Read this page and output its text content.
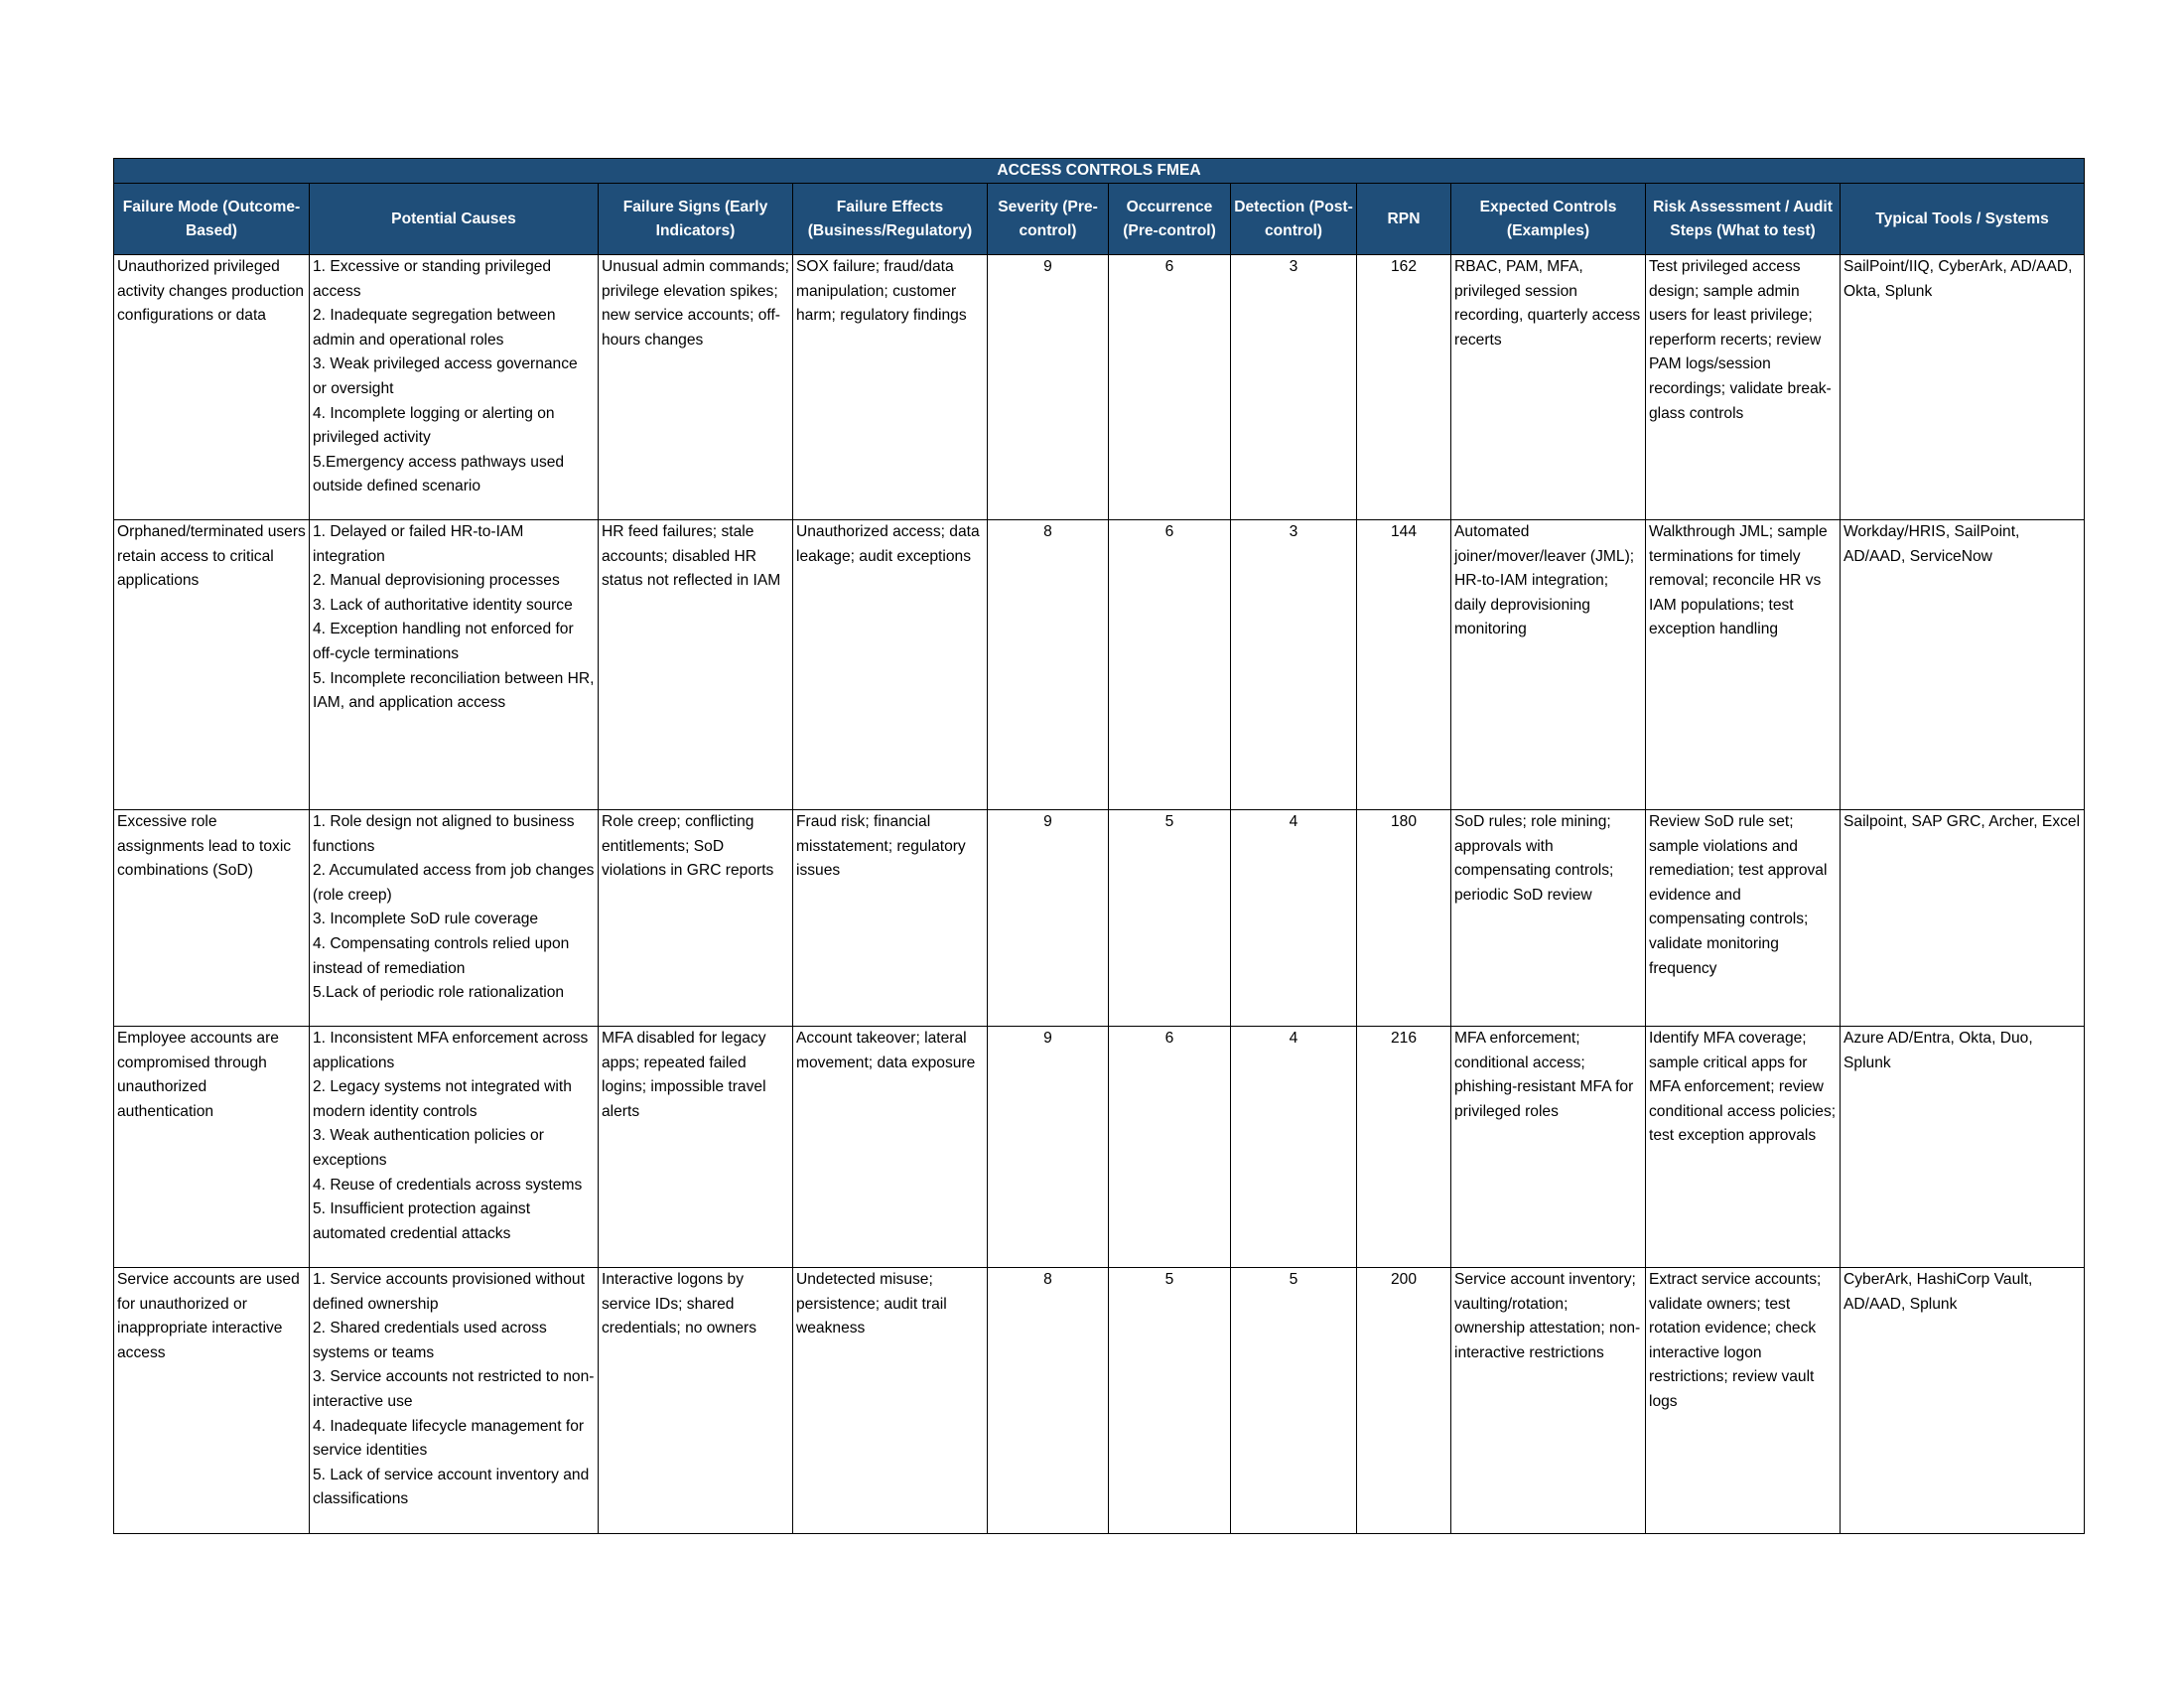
ACCESS CONTROLS FMEA										
Failure Mode (Outcome-Based)	Potential Causes	Failure Signs (Early Indicators)	Failure Effects (Business/Regulatory)	Severity (Pre-control)	Occurrence (Pre-control)	Detection (Post-control)	RPN	Expected Controls (Examples)	Risk Assessment / Audit Steps (What to test)	Typical Tools / Systems
Unauthorized privileged activity changes production configurations or data	1. Excessive or standing privileged access
2. Inadequate segregation between admin and operational roles
3. Weak privileged access governance or oversight
4. Incomplete logging or alerting on privileged activity
5.Emergency access pathways used outside defined scenario	Unusual admin commands; privilege elevation spikes; new service accounts; off-hours changes	SOX failure; fraud/data manipulation; customer harm; regulatory findings	9	6	3	162	RBAC, PAM, MFA, privileged session recording, quarterly access recerts	Test privileged access design; sample admin users for least privilege; reperform recerts; review PAM logs/session recordings; validate break-glass controls	SailPoint/IIQ, CyberArk, AD/AAD, Okta, Splunk
Orphaned/terminated users retain access to critical applications	1. Delayed or failed HR-to-IAM integration
2. Manual deprovisioning processes
3. Lack of authoritative identity source
4. Exception handling not enforced for off-cycle terminations
5. Incomplete reconciliation between HR, IAM, and application access	HR feed failures; stale accounts; disabled HR status not reflected in IAM	Unauthorized access; data leakage; audit exceptions	8	6	3	144	Automated joiner/mover/leaver (JML); HR-to-IAM integration; daily deprovisioning monitoring	Walkthrough JML; sample terminations for timely removal; reconcile HR vs IAM populations; test exception handling	Workday/HRIS, SailPoint, AD/AAD, ServiceNow
Excessive role assignments lead to toxic combinations (SoD)	1. Role design not aligned to business functions
2. Accumulated access from job changes (role creep)
3. Incomplete SoD rule coverage
4. Compensating controls relied upon instead of remediation
5.Lack of periodic role rationalization	Role creep; conflicting entitlements; SoD violations in GRC reports	Fraud risk; financial misstatement; regulatory issues	9	5	4	180	SoD rules; role mining; approvals with compensating controls; periodic SoD review	Review SoD rule set; sample violations and remediation; test approval evidence and compensating controls; validate monitoring frequency	Sailpoint, SAP GRC, Archer, Excel
Employee accounts are compromised through unauthorized authentication	1. Inconsistent MFA enforcement across applications
2. Legacy systems not integrated with modern identity controls
3. Weak authentication policies or exceptions
4. Reuse of credentials across systems
5. Insufficient protection against automated credential attacks	MFA disabled for legacy apps; repeated failed logins; impossible travel alerts	Account takeover; lateral movement; data exposure	9	6	4	216	MFA enforcement; conditional access; phishing-resistant MFA for privileged roles	Identify MFA coverage; sample critical apps for MFA enforcement; review conditional access policies; test exception approvals	Azure AD/Entra, Okta, Duo, Splunk
Service accounts are used for unauthorized or inappropriate interactive access	1. Service accounts provisioned without defined ownership
2. Shared credentials used across systems or teams
3. Service accounts not restricted to non-interactive use
4. Inadequate lifecycle management for service identities
5. Lack of service account inventory and classifications	Interactive logons by service IDs; shared credentials; no owners	Undetected misuse; persistence; audit trail weakness	8	5	5	200	Service account inventory; vaulting/rotation; ownership attestation; non-interactive restrictions	Extract service accounts; validate owners; test rotation evidence; check interactive logon restrictions; review vault logs	CyberArk, HashiCorp Vault, AD/AAD, Splunk
